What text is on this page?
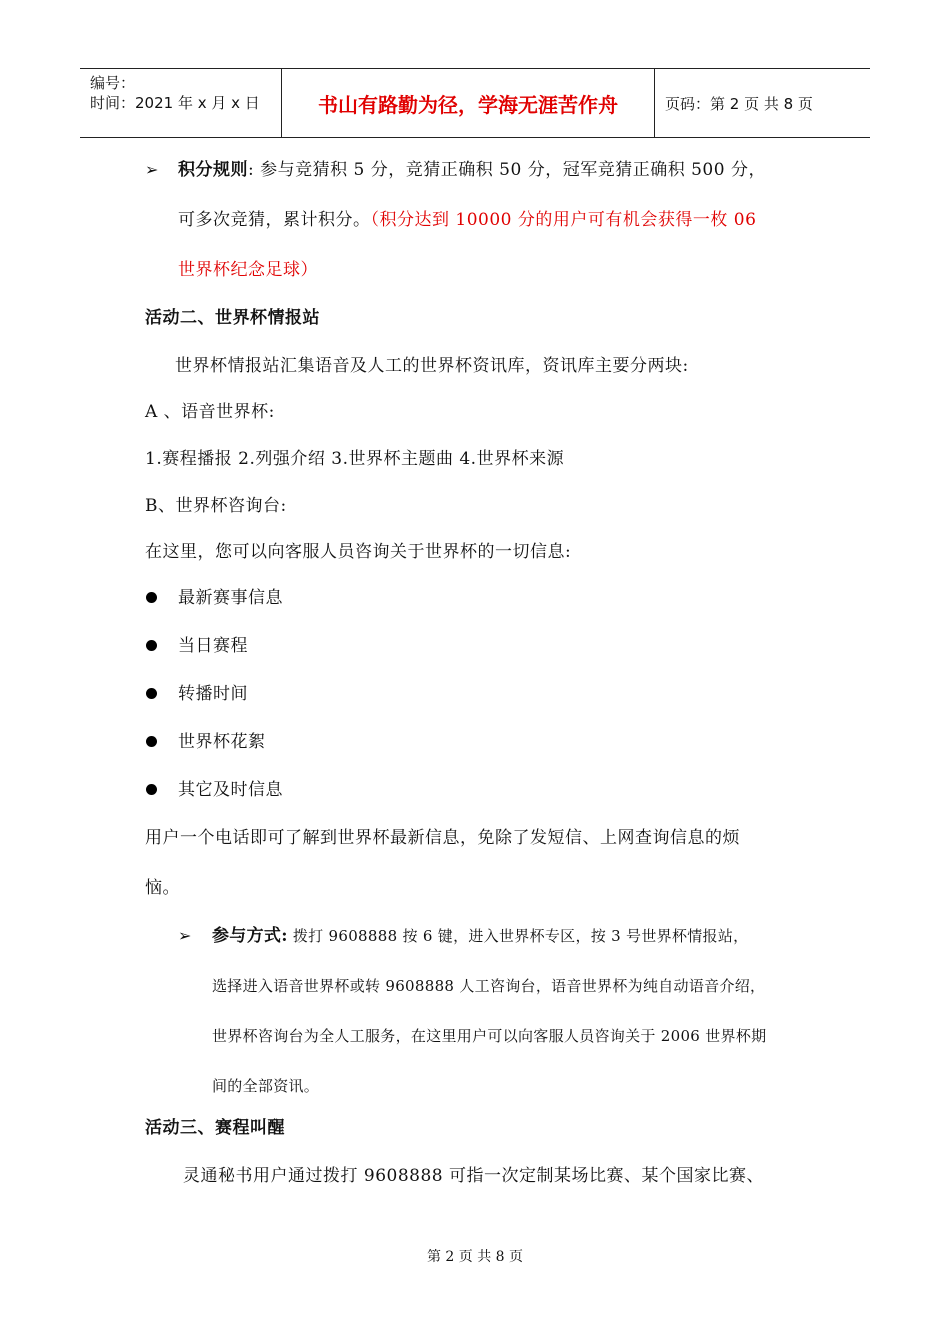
编号：
时间：2021 年 x 月 x 日	书山有路勤为径，学海无涯苦作舟	页码：第 2 页 共 8 页
➢ 积分规则: 参与竞猜积 5 分，竞猜正确积 50 分，冠军竞猜正确积 500 分，
可多次竞猜，累计积分。（积分达到 10000 分的用户可有机会获得一枚 06
世界杯纪念足球）
活动二、世界杯情报站
世界杯情报站汇集语音及人工的世界杯资讯库，资讯库主要分两块:
A 、语音世界杯:
1.赛程播报 2.列强介绍 3.世界杯主题曲 4.世界杯来源
B、世界杯咨询台:
在这里，您可以向客服人员咨询关于世界杯的一切信息:
最新赛事信息
当日赛程
转播时间
世界杯花絮
其它及时信息
用户一个电话即可了解到世界杯最新信息，免除了发短信、上网查询信息的烦
恼。
➢ 参与方式: 拨打 9608888 按 6 键，进入世界杯专区，按 3 号世界杯情报站，
选择进入语音世界杯或转 9608888 人工咨询台，语音世界杯为纯自动语音介绍，
世界杯咨询台为全人工服务，在这里用户可以向客服人员咨询关于 2006 世界杯期
间的全部资讯。
活动三、赛程叫醒
灵通秘书用户通过拨打 9608888 可指一次定制某场比赛、某个国家比赛、
第 2 页 共 8 页
